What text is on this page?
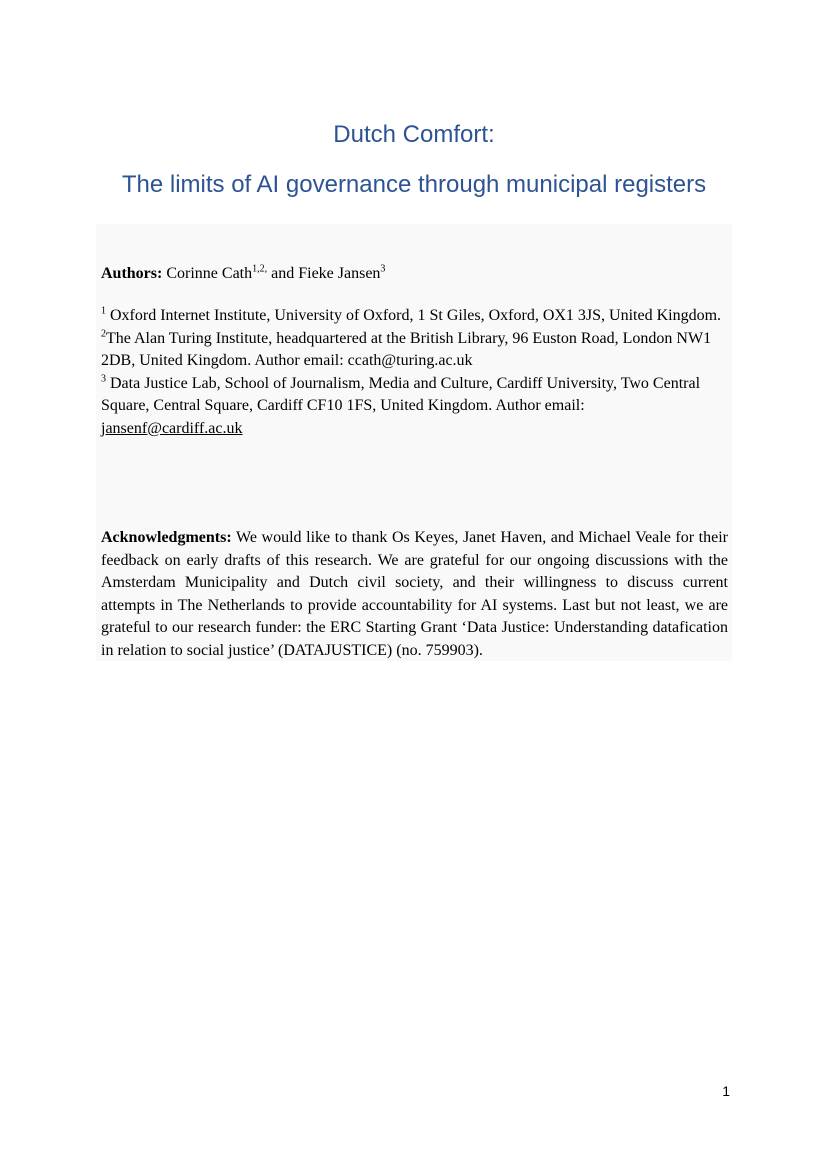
Dutch Comfort:
The limits of AI governance through municipal registers
Authors: Corinne Cath$^{1,2,}$ and Fieke Jansen$^3$
$^1$ Oxford Internet Institute, University of Oxford, 1 St Giles, Oxford, OX1 3JS, United Kingdom.
$^2$The Alan Turing Institute, headquartered at the British Library, 96 Euston Road, London NW1 2DB, United Kingdom. Author email: ccath@turing.ac.uk
$^3$ Data Justice Lab, School of Journalism, Media and Culture, Cardiff University, Two Central Square, Central Square, Cardiff CF10 1FS, United Kingdom. Author email: jansenf@cardiff.ac.uk
Acknowledgments: We would like to thank Os Keyes, Janet Haven, and Michael Veale for their feedback on early drafts of this research. We are grateful for our ongoing discussions with the Amsterdam Municipality and Dutch civil society, and their willingness to discuss current attempts in The Netherlands to provide accountability for AI systems. Last but not least, we are grateful to our research funder: the ERC Starting Grant ‘Data Justice: Understanding datafication in relation to social justice’ (DATAJUSTICE) (no. 759903).
1
